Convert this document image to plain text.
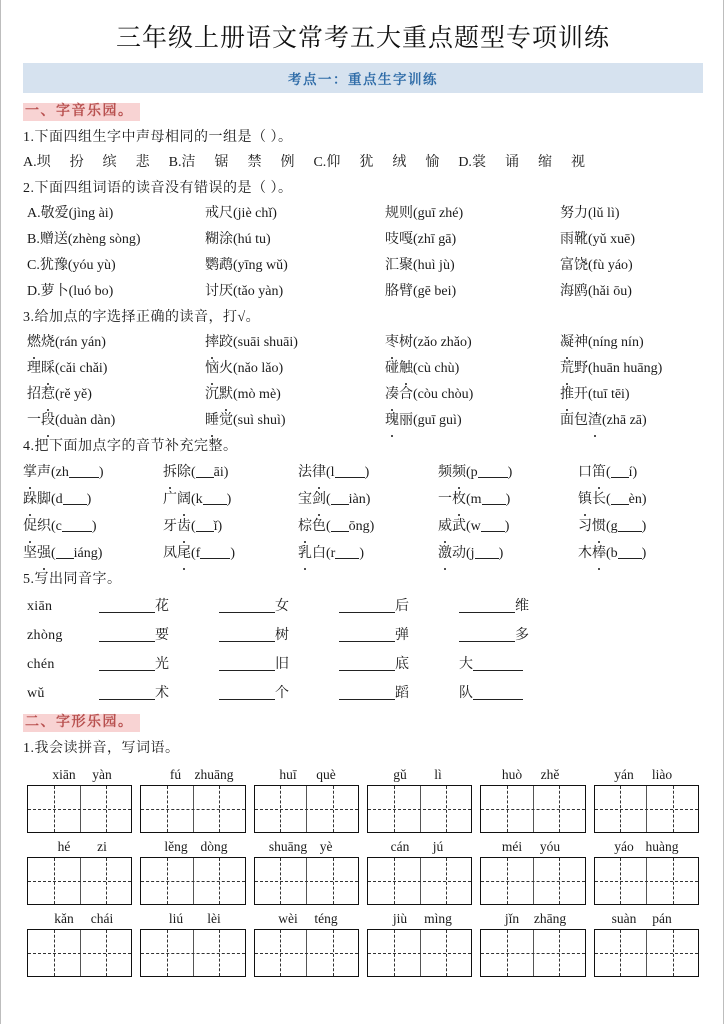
三年级上册语文常考五大重点题型专项训练
考点一：重点生字训练
一、字音乐园。
1.下面四组生字中声母相同的一组是（ ）。
A.坝 扮 缤 悲 B.洁 锯 禁 例 C.仰 犹 绒 愉 D.裳 诵 缩 视
2.下面四组词语的读音没有错误的是（ ）。
A.敬爱(jìng ài)	戒尺(jiè chǐ)	规则(guī zhé)	努力(lǔ lì)
B.赠送(zhèng sòng)	糊涂(hú tu)	吱嘎(zhī gā)	雨靴(yǔ xuē)
C.犹豫(yóu yù)	鹦鹉(yīng wǔ)	汇聚(huì jù)	富饶(fù yáo)
D.萝卜(luó bo)	讨厌(tǎo yàn)	胳臂(gē bei)	海鸥(hǎi ōu)
3.给加点的字选择正确的读音，打√。
燃烧(rán yán)	摔跤(suāi shuāi)	枣树(zǎo zhǎo)	凝神(níng nín)
理睬(cǎi chǎi)	恼火(nǎo lǎo)	碰触(cù chù)	荒野(huān huāng)
招惹(rě yě)	沉默(mò mè)	凑合(còu chòu)	推开(tuī tēi)
一段(duàn dàn)	睡觉(suì shuì)	瑰丽(guī guì)	面包渣(zhā zā)
4.把下面加点字的音节补充完整。
掌声(zh )	拆除( āi)	法律(l )	频频(p )	口笛( í)
跺脚(d )	广阔(k )	宝剑( iàn)	一枚(m )	镇长( èn)
促织(c )	牙齿( ǐ)	棕色( ōng)	威武(w )	习惯(g )
坚强( iáng)	凤尾(f )	乳白(r )	激动(j )	木棒(b )
5.写出同音字。
xiān	花	女	后	维
zhòng	要	树	弹	多
chén	光	旧	底	大
wǔ	术	个	蹈	队
二、字形乐园。
1.我会读拼音，写词语。
xiān yàn	fú zhuāng	huī què	gǔ lì	huò zhě	yán liào
hé zi	lěng dòng	shuāng yè	cán jú	méi yóu	yáo huàng
kǎn chái	liú lèi	wèi téng	jiù mìng	jǐn zhāng	suàn pán
